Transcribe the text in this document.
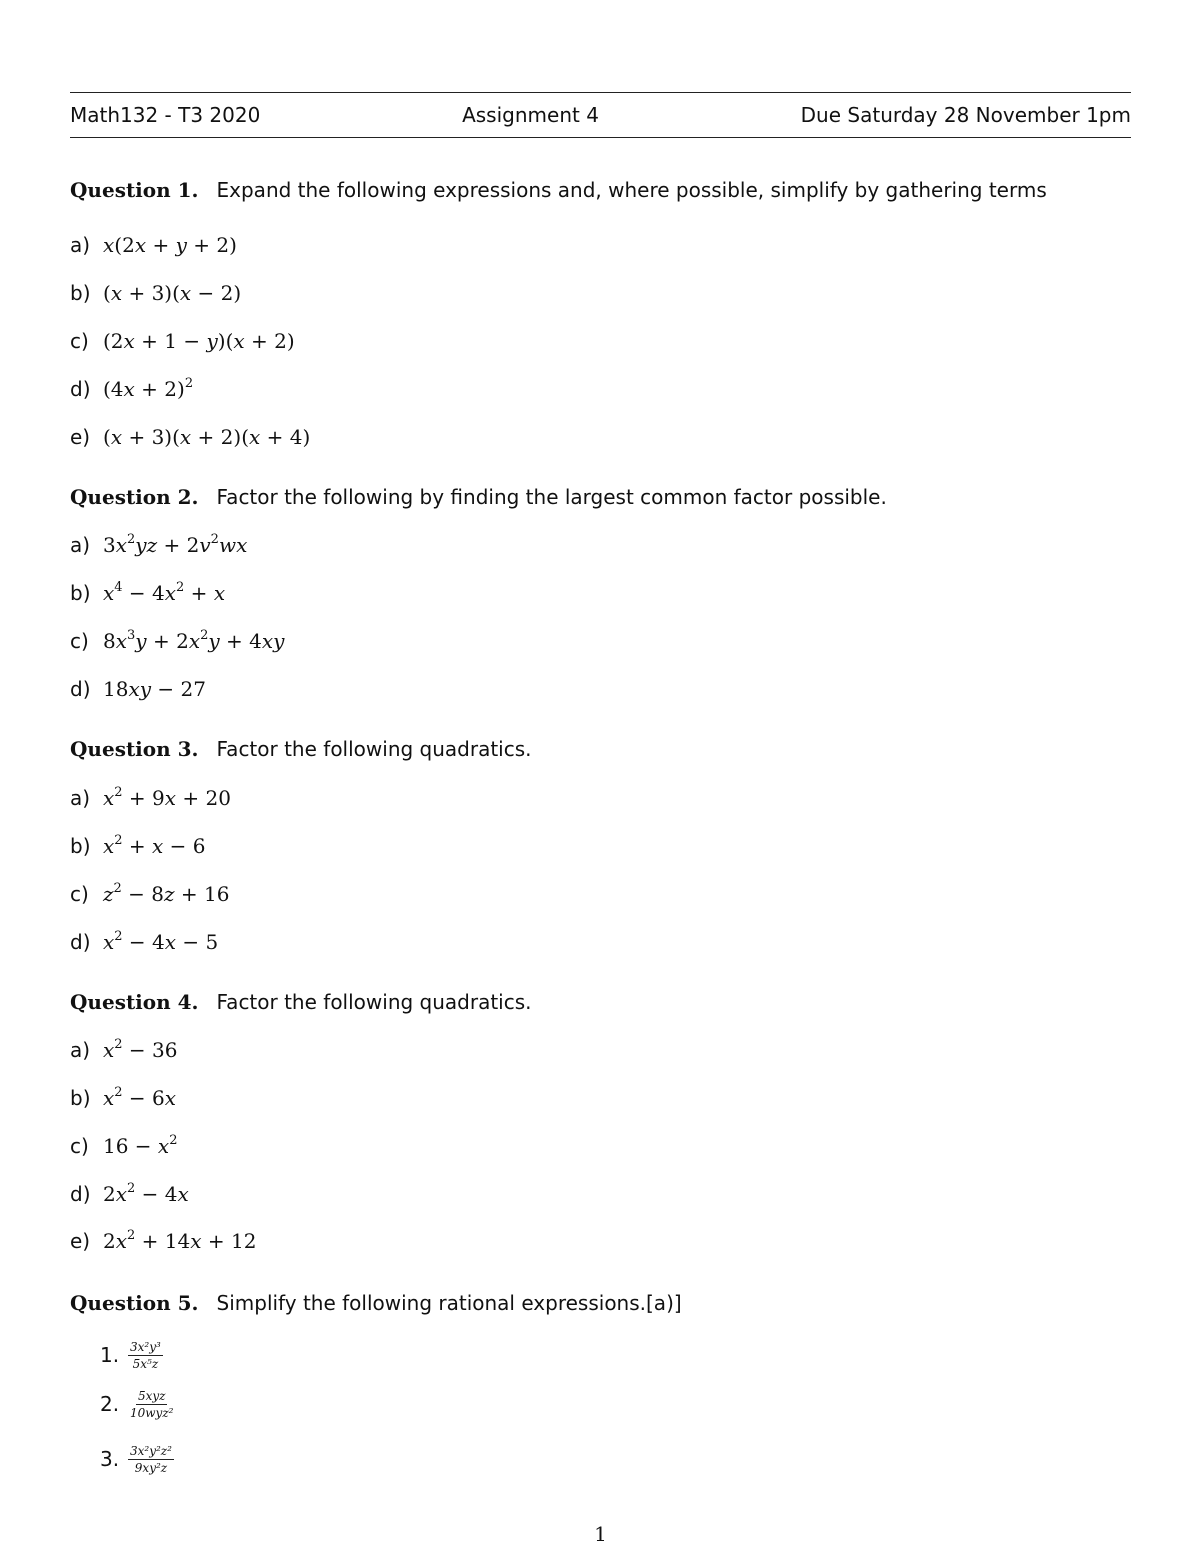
Math132 - T3 2020	Assignment 4	Due Saturday 28 November 1pm
Question 1. Expand the following expressions and, where possible, simplify by gathering terms
a) x(2x + y + 2)
b) (x + 3)(x − 2)
c) (2x + 1 − y)(x + 2)
d) $(4x + 2)^2$
e) (x + 3)(x + 2)(x + 4)
Question 2. Factor the following by finding the largest common factor possible.
a) $3x^2yz + 2v^2wx$
b) $x^4 - 4x^2 + x$
c) $8x^3y + 2x^2y + 4xy$
d) 18xy − 27
Question 3. Factor the following quadratics.
a) $x^2 + 9x + 20$
b) $x^2 + x - 6$
c) $z^2 - 8z + 16$
d) $x^2 - 4x - 5$
Question 4. Factor the following quadratics.
a) $x^2 - 36$
b) $x^2 - 6x$
c) $16 - x^2$
d) $2x^2 - 4x$
e) $2x^2 + 14x + 12$
Question 5. Simplify the following rational expressions.[a)]
1. $\frac{\text{3x²y³}}{\text{5x⁵z}}$
2. $\frac{\text{5xyz}}{\text{10wyz²}}$
3. $\frac{\text{3x²y²z²}}{\text{9xy²z}}$
1
